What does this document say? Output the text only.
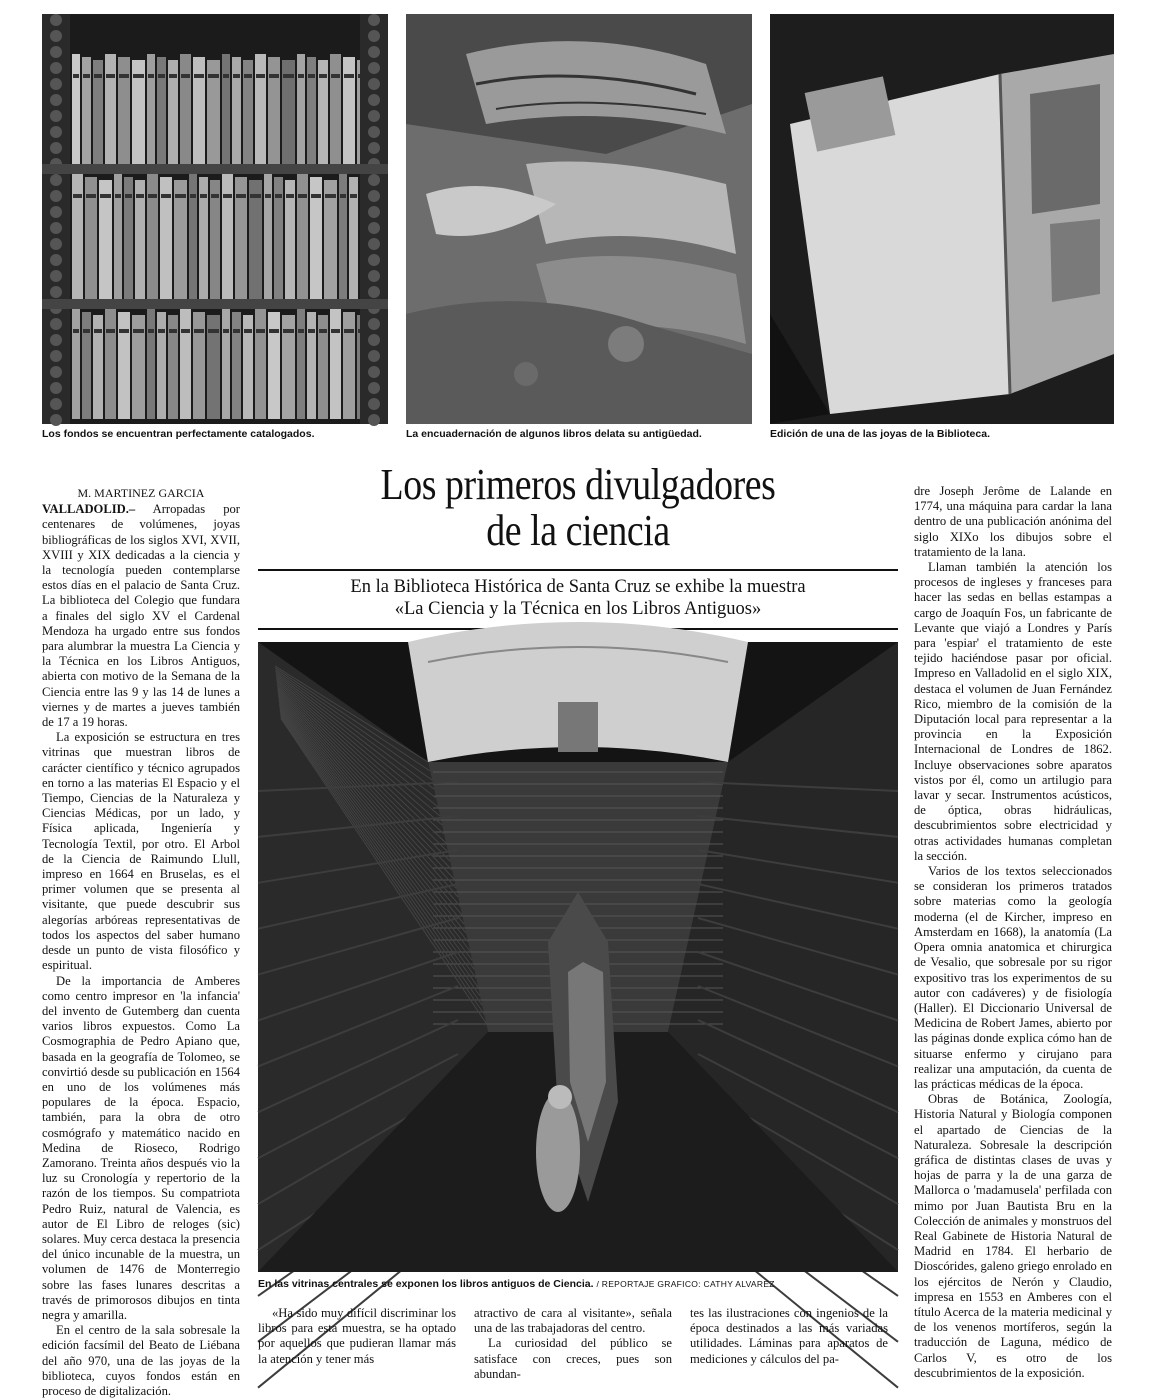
Los fondos se encuentran perfectamente catalogados.	La encuadernación de algunos libros delata su antigüedad.	Edición de una de las joyas de la Biblioteca.
M. MARTINEZ GARCIA

VALLADOLID.– Arropadas por centenares de volúmenes, joyas bibliográficas de los siglos XVI, XVII, XVIII y XIX dedicadas a la ciencia y la tecnología pueden contemplarse estos días en el palacio de Santa Cruz. La biblioteca del Colegio que fundara a finales del siglo XV el Cardenal Mendoza ha urgado entre sus fondos para alumbrar la muestra La Ciencia y la Técnica en los Libros Antiguos, abierta con motivo de la Semana de la Ciencia entre las 9 y las 14 de lunes a viernes y de martes a jueves también de 17 a 19 horas.

La exposición se estructura en tres vitrinas que muestran libros de carácter científico y técnico agrupados en torno a las materias El Espacio y el Tiempo, Ciencias de la Naturaleza y Ciencias Médicas, por un lado, y Física aplicada, Ingeniería y Tecnología Textil, por otro. El Arbol de la Ciencia de Raimundo Llull, impreso en 1664 en Bruselas, es el primer volumen que se presenta al visitante, que puede descubrir sus alegorías arbóreas representativas de todos los aspectos del saber humano desde un punto de vista filosófico y espiritual.

De la importancia de Amberes como centro impresor en 'la infancia' del invento de Gutemberg dan cuenta varios libros expuestos. Como La Cosmographia de Pedro Apiano que, basada en la geografía de Tolomeo, se convirtió desde su publicación en 1564 en uno de los volúmenes más populares de la época. Espacio, también, para la obra de otro cosmógrafo y matemático nacido en Medina de Rioseco, Rodrigo Zamorano. Treinta años después vio la luz su Cronología y repertorio de la razón de los tiempos. Su compatriota Pedro Ruiz, natural de Valencia, es autor de El Libro de reloges (sic) solares. Muy cerca destaca la presencia del único incunable de la muestra, un volumen de 1476 de Monterregio sobre las fases lunares descritas a través de primorosos dibujos en tinta negra y amarilla.

En el centro de la sala sobresale la edición facsímil del Beato de Liébana del año 970, una de las joyas de la biblioteca, cuyos fondos están en proceso de digitalización.

Los primeros divulgadores
de la ciencia
En la Biblioteca Histórica de Santa Cruz se exhibe la muestra
«La Ciencia y la Técnica en los Libros Antiguos»
En las vitrinas centrales se exponen los libros antiguos de Ciencia. / REPORTAJE GRAFICO: CATHY ALVAREZ

«Ha sido muy difícil discriminar los libros para esta muestra, se ha optado por aquellos que pudieran llamar más la atención y tener más

atractivo de cara al visitante», señala una de las trabajadoras del centro.

La curiosidad del público se satisface con creces, pues son abundan-

tes las ilustraciones con ingenios de la época destinados a las más variadas utilidades. Láminas para aparatos de mediciones y cálculos del pa-

dre Joseph Jerôme de Lalande en 1774, una máquina para cardar la lana dentro de una publicación anónima del siglo XIXo los dibujos sobre el tratamiento de la lana.

Llaman también la atención los procesos de ingleses y franceses para hacer las sedas en bellas estampas a cargo de Joaquín Fos, un fabricante de Levante que viajó a Londres y París para 'espiar' el tratamiento de este tejido haciéndose pasar por oficial. Impreso en Valladolid en el siglo XIX, destaca el volumen de Juan Fernández Rico, miembro de la comisión de la Diputación local para representar a la provincia en la Exposición Internacional de Londres de 1862. Incluye observaciones sobre aparatos vistos por él, como un artilugio para lavar y secar. Instrumentos acústicos, de óptica, obras hidráulicas, descubrimientos sobre electricidad y otras actividades humanas completan la sección.

Varios de los textos seleccionados se consideran los primeros tratados sobre materias como la geología moderna (el de Kircher, impreso en Amsterdam en 1668), la anatomía (La Opera omnia anatomica et chirurgica de Vesalio, que sobresale por su rigor expositivo tras los experimentos de su autor con cadáveres) y de fisiología (Haller). El Diccionario Universal de Medicina de Robert James, abierto por las páginas donde explica cómo han de situarse enfermo y cirujano para realizar una amputación, da cuenta de las prácticas médicas de la época.

Obras de Botánica, Zoología, Historia Natural y Biología componen el apartado de Ciencias de la Naturaleza. Sobresale la descripción gráfica de distintas clases de uvas y hojas de parra y la de una garza de Mallorca o 'madamusela' perfilada con mimo por Juan Bautista Bru en la Colección de animales y monstruos del Real Gabinete de Historia Natural de Madrid en 1784. El herbario de Dioscórides, galeno griego enrolado en los ejércitos de Nerón y Claudio, impresa en 1553 en Amberes con el título Acerca de la materia medicinal y de los venenos mortíferos, según la traducción de Laguna, médico de Carlos V, es otro de los descubrimientos de la exposición.
